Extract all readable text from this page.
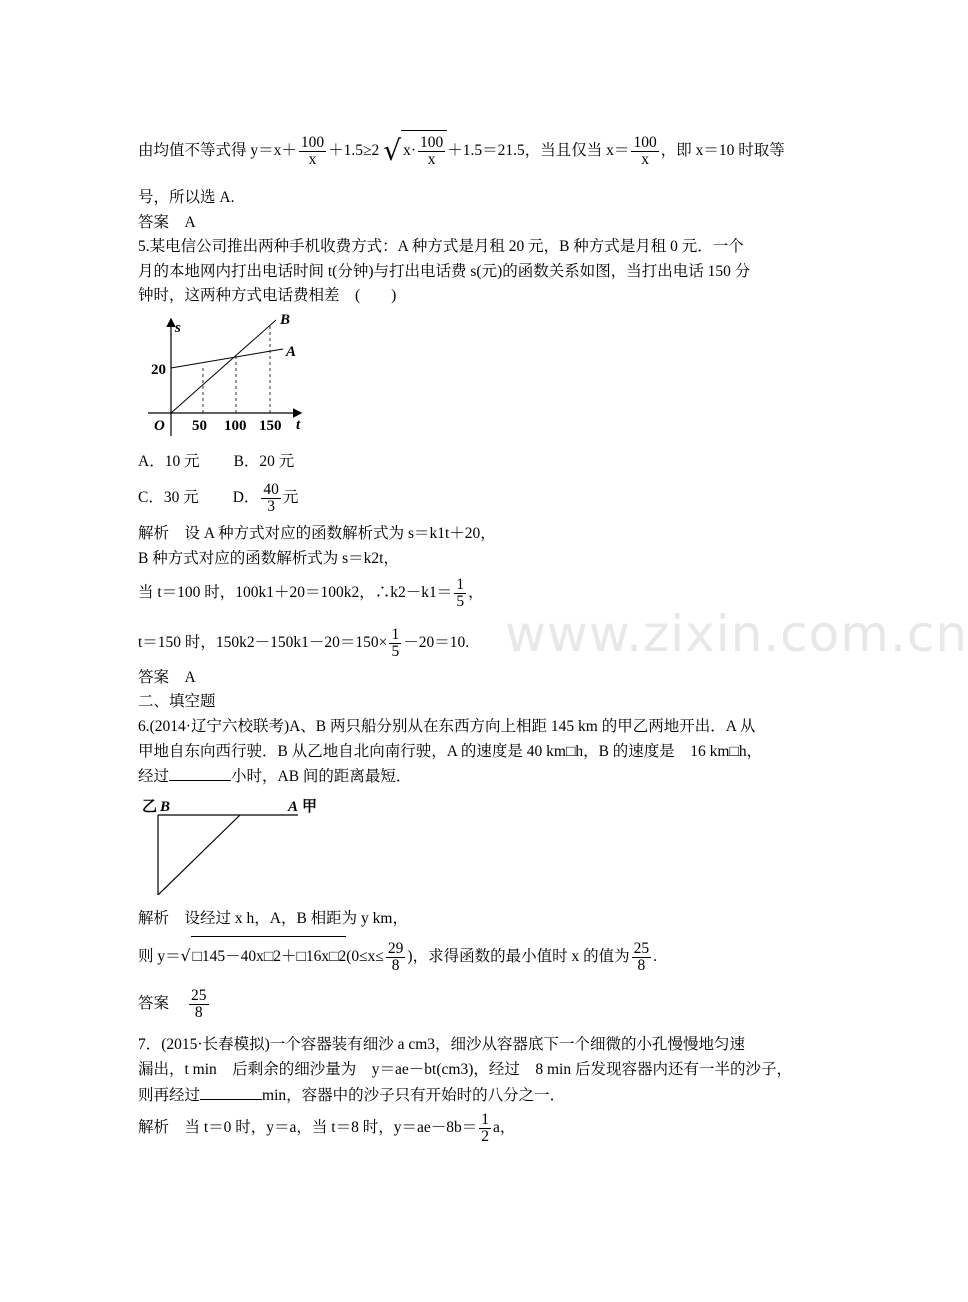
www.zixin.com.cn
由均值不等式得 $y=x+ \frac{100}{x} +1.5\ge 2$ √ $x\cdot \frac{100}{x} +1.5=21.5$，当且仅当 $x= \frac{100}{x}$ ，即 x＝10 时取等
号，所以选 A.
答案　A
5.某电信公司推出两种手机收费方式：A 种方式是月租 20 元，B 种方式是月租 0 元．一个
月的本地网内打出电话时间 t(分钟)与打出电话费 s(元)的函数关系如图，当打出电话 150 分
钟时，这两种方式电话费相差　(　　)
s	B
A
20
O 50 100 150 t
A．10 元 B．20 元
C．30 元 D． $\frac{40}{3}$ 元
解析　设 A 种方式对应的函数解析式为 s＝k1t＋20，
B 种方式对应的函数解析式为 s＝k2t，
当 t＝100 时，100k1＋20＝100k2，∴k2－k1＝ $\frac{1}{5}$ ，
t＝150 时，$150k2-150k1-20=150\times \frac{1}{5} -20=10$.
答案　A
二、填空题
6.(2014·辽宁六校联考)A、B 两只船分别从在东西方向上相距 145 km 的甲乙两地开出．A 从
甲地自东向西行驶．B 从乙地自北向南行驶，A 的速度是 40 km□h，B 的速度是　16 km□h，
经过	小时，AB 间的距离最短．
乙 B	A 甲
解析　设经过 x h，A，B 相距为 y km，
则 y＝√ □145－40x□2＋□16x□2(0≤x≤ $\frac{29}{8}$ )，求得函数的最小值时 x 的值为 $\frac{25}{8}$ .
答案 $\frac{25}{8}$
7．(2015·长春模拟)一个容器装有细沙 a cm3，细沙从容器底下一个细微的小孔慢慢地匀速
漏出，t min　后剩余的细沙量为　y＝ae－bt(cm3)，经过　8 min 后发现容器内还有一半的沙子，
则再经过	min，容器中的沙子只有开始时的八分之一．
解析　当 t＝0 时，y＝a，当 t＝8 时，$y=ae-8b= \frac{1}{2}$ a，
